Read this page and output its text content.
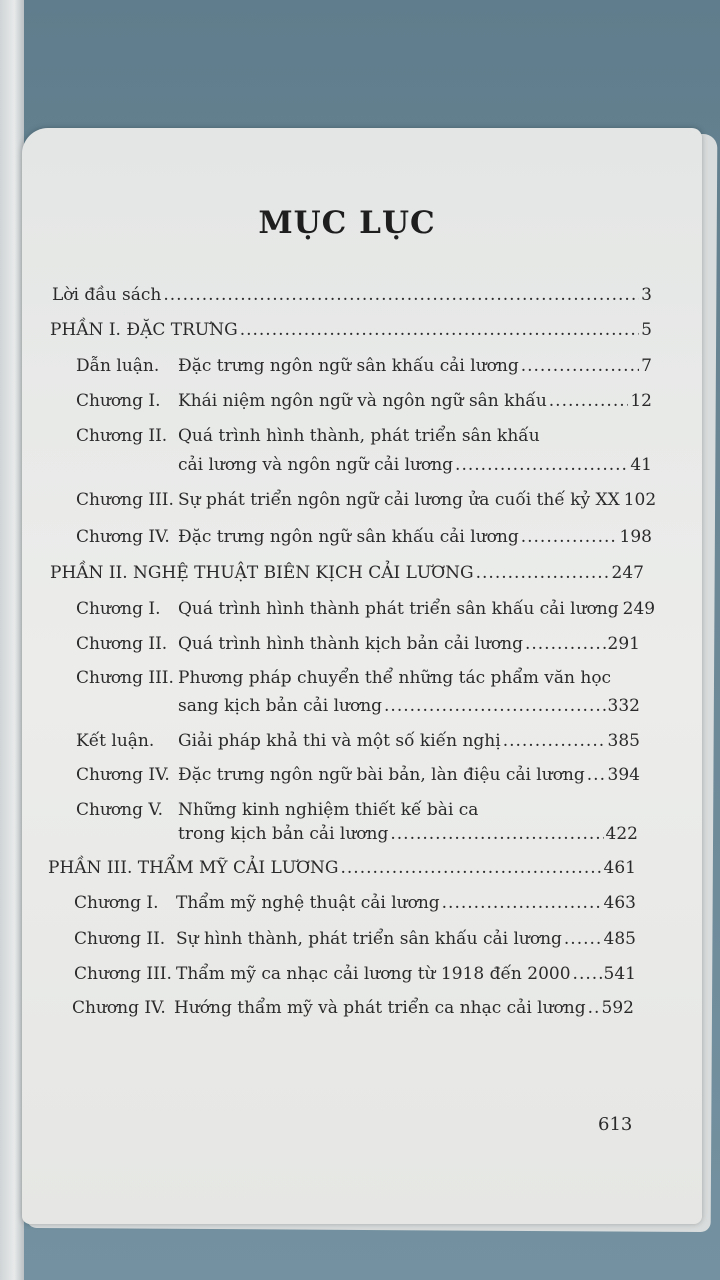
MỤC LỤC
Lời đầu sách .....	3
PHẦN I. ĐẶC TRƯNG .....	5
Dẫn luận.	Đặc trưng ngôn ngữ sân khấu cải lương .....	7
Chương I.	Khái niệm ngôn ngữ và ngôn ngữ sân khấu .....	12
Chương II. Quá trình hình thành, phát triển sân khấu
cải lương và ngôn ngữ cải lương .....	41
Chương III. Sự phát triển ngôn ngữ cải lương ửa cuối thế kỷ XX 102
Chương IV. Đặc trưng ngôn ngữ sân khấu cải lương .....	198
PHẦN II. NGHỆ THUẬT BIÊN KỊCH CẢI LƯƠNG .....	247
Chương I.	Quá trình hình thành phát triển sân khấu cải lương 249
Chương II. Quá trình hình thành kịch bản cải lương .....	291
Chương III. Phương pháp chuyển thể những tác phẩm văn học
sang kịch bản cải lương .....	332
Kết luận.	Giải pháp khả thi và một số kiến nghị .....	385
Chương IV. Đặc trưng ngôn ngữ bài bản, làn điệu cải lương ..... 394
Chương V. Những kinh nghiệm thiết kế bài ca
trong kịch bản cải lương .....	422
PHẦN III. THẨM MỸ CẢI LƯƠNG .....	461
Chương I.	Thẩm mỹ nghệ thuật cải lương .....	463
Chương II. Sự hình thành, phát triển sân khấu cải lương ..... 485
Chương III. Thẩm mỹ ca nhạc cải lương từ 1918 đến 2000 ..... 541
Chương IV. Hướng thẩm mỹ và phát triển ca nhạc cải lương ..... 592
613
